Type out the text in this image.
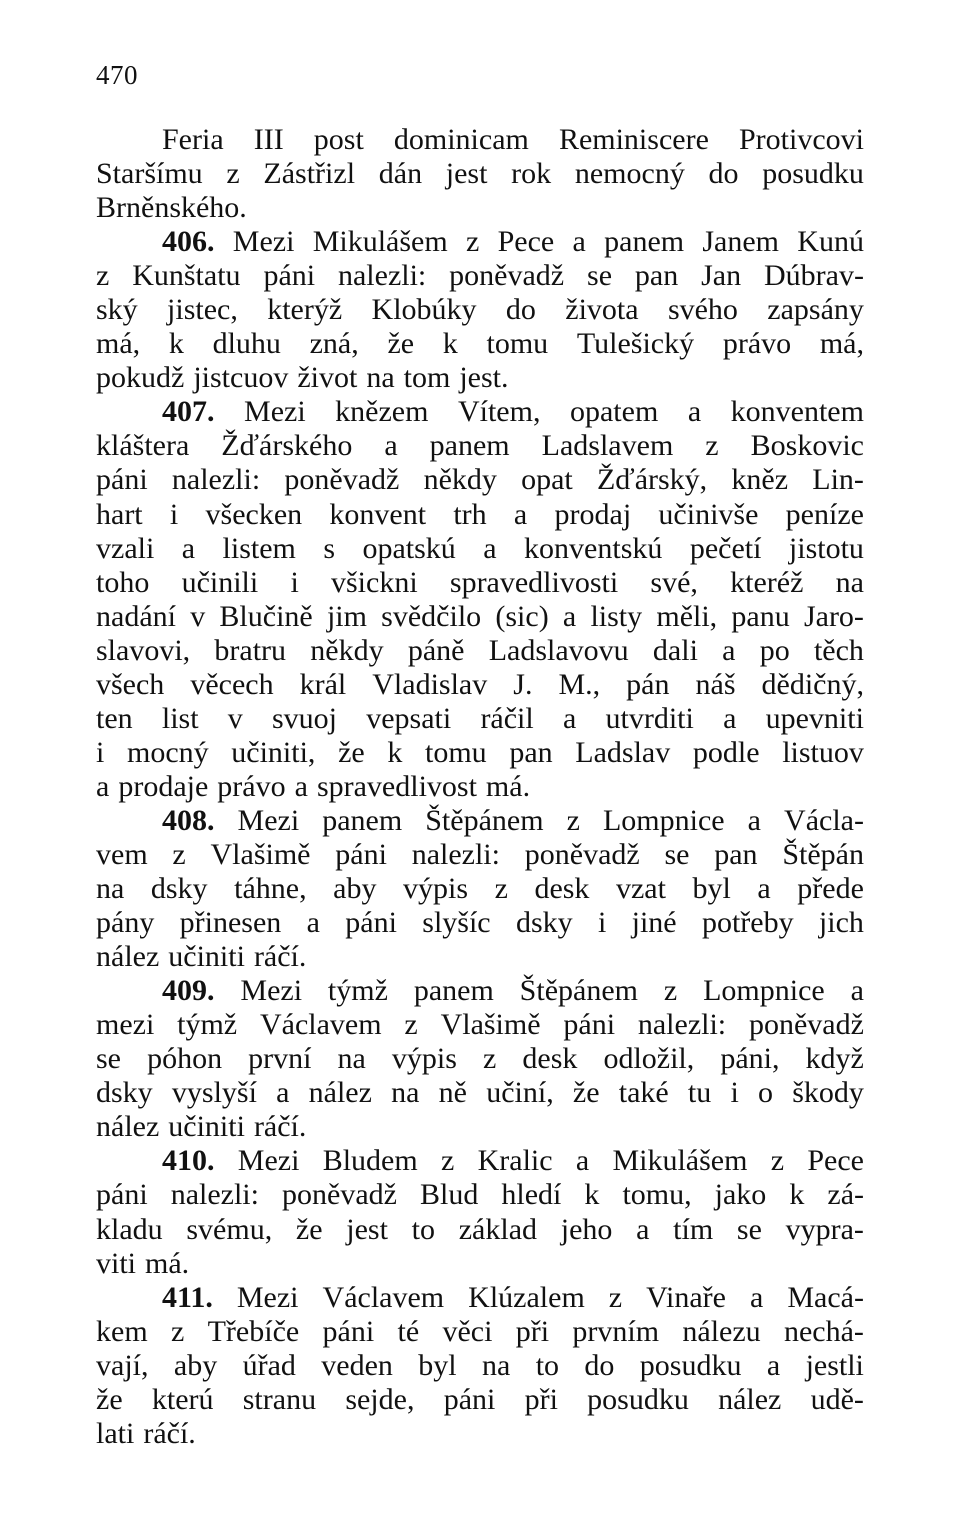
470
Feria III post dominicam Reminiscere Protivcovi
Staršímu z Zástřizl dán jest rok nemocný do posudku
Brněnského.
406. Mezi Mikulášem z Pece a panem Janem Kunú
z Kunštatu páni nalezli: poněvadž se pan Jan Dúbrav-
ský jistec, kterýž Klobúky do života svého zapsány
má, k dluhu zná, že k tomu Tulešický právo má,
pokudž jistcuov život na tom jest.
407. Mezi knězem Vítem, opatem a konventem
kláštera Žďárského a panem Ladslavem z Boskovic
páni nalezli: poněvadž někdy opat Žďárský, kněz Lin-
hart i všecken konvent trh a prodaj učinivše peníze
vzali a listem s opatskú a konventskú pečetí jistotu
toho učinili i všickni spravedlivosti své, kteréž na
nadání v Blučině jim svědčilo (sic) a listy měli, panu Jaro-
slavovi, bratru někdy páně Ladslavovu dali a po těch
všech věcech král Vladislav J. M., pán náš dědičný,
ten list v svuoj vepsati ráčil a utvrditi a upevniti
i mocný učiniti, že k tomu pan Ladslav podle listuov
a prodaje právo a spravedlivost má.
408. Mezi panem Štěpánem z Lompnice a Václa-
vem z Vlašimě páni nalezli: poněvadž se pan Štěpán
na dsky táhne, aby výpis z desk vzat byl a přede
pány přinesen a páni slyšíc dsky i jiné potřeby jich
nález učiniti ráčí.
409. Mezi týmž panem Štěpánem z Lompnice a
mezi týmž Václavem z Vlašimě páni nalezli: poněvadž
se póhon první na výpis z desk odložil, páni, když
dsky vyslyší a nález na ně učiní, že také tu i o škody
nález učiniti ráčí.
410. Mezi Bludem z Kralic a Mikulášem z Pece
páni nalezli: poněvadž Blud hledí k tomu, jako k zá-
kladu svému, že jest to základ jeho a tím se vypra-
viti má.
411. Mezi Václavem Klúzalem z Vinaře a Macá-
kem z Třebíče páni té věci při prvním nálezu nechá-
vají, aby úřad veden byl na to do posudku a jestli
že kterú stranu sejde, páni při posudku nález udě-
lati ráčí.
